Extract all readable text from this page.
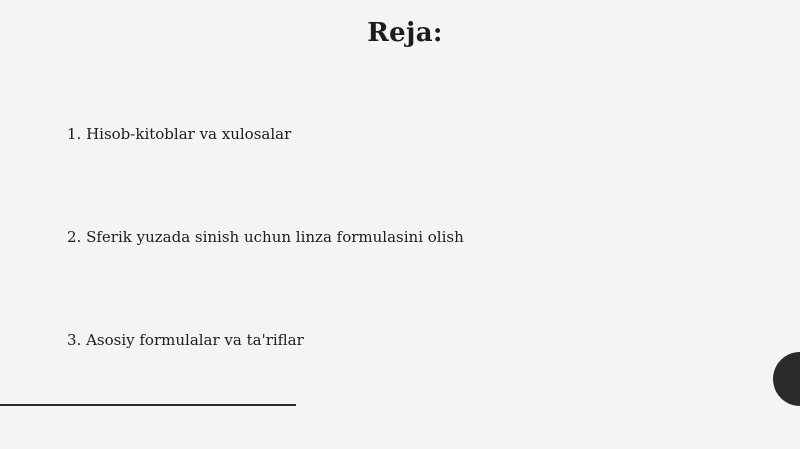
Reja:
1. Hisob-kitoblar va xulosalar
2. Sferik yuzada sinish uchun linza formulasini olish
3. Asosiy formulalar va ta'riflar
